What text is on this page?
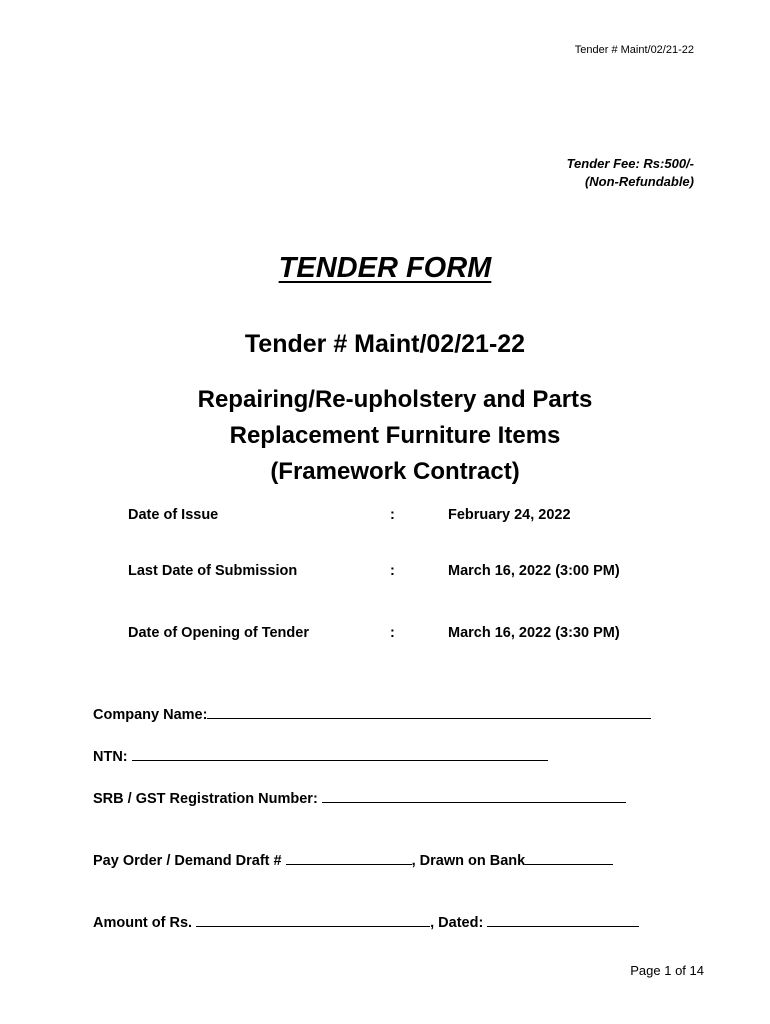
Tender # Maint/02/21-22
Tender Fee: Rs:500/-
(Non-Refundable)
TENDER FORM
Tender # Maint/02/21-22
Repairing/Re-upholstery and Parts
Replacement Furniture Items
(Framework Contract)
Date of Issue	:	February 24, 2022
Last Date of Submission	:	March 16, 2022 (3:00 PM)
Date of Opening of Tender	:	March 16, 2022 (3:30 PM)
Company Name:
NTN:
SRB / GST Registration Number:
Pay Order / Demand Draft #	, Drawn on Bank
Amount of Rs.	, Dated:
Page 1 of 14
